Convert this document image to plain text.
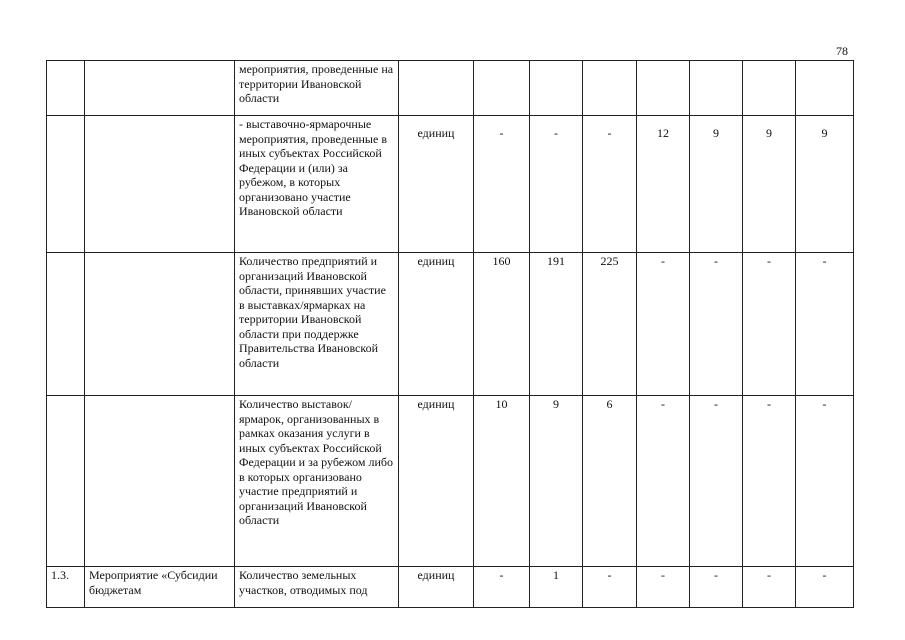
78
		мероприятия, проведенные на территории Ивановской области								
		- выставочно-ярмарочные мероприятия, проведенные в иных субъектах Российской Федерации и (или) за рубежом, в которых организовано участие Ивановской области	единиц	-	-	-	12	9	9	9
		Количество предприятий и организаций Ивановской области, принявших участие в выставках/ярмарках на территории Ивановской области при поддержке Правительства Ивановской области	единиц	160	191	225	-	-	-	-
		Количество выставок/ярмарок, организованных в рамках оказания услуги в иных субъектах Российской Федерации и за рубежом либо в которых организовано участие предприятий и организаций Ивановской области	единиц	10	9	6	-	-	-	-
1.3.	Мероприятие «Субсидии бюджетам	Количество земельных участков, отводимых под	единиц	-	1	-	-	-	-	-
